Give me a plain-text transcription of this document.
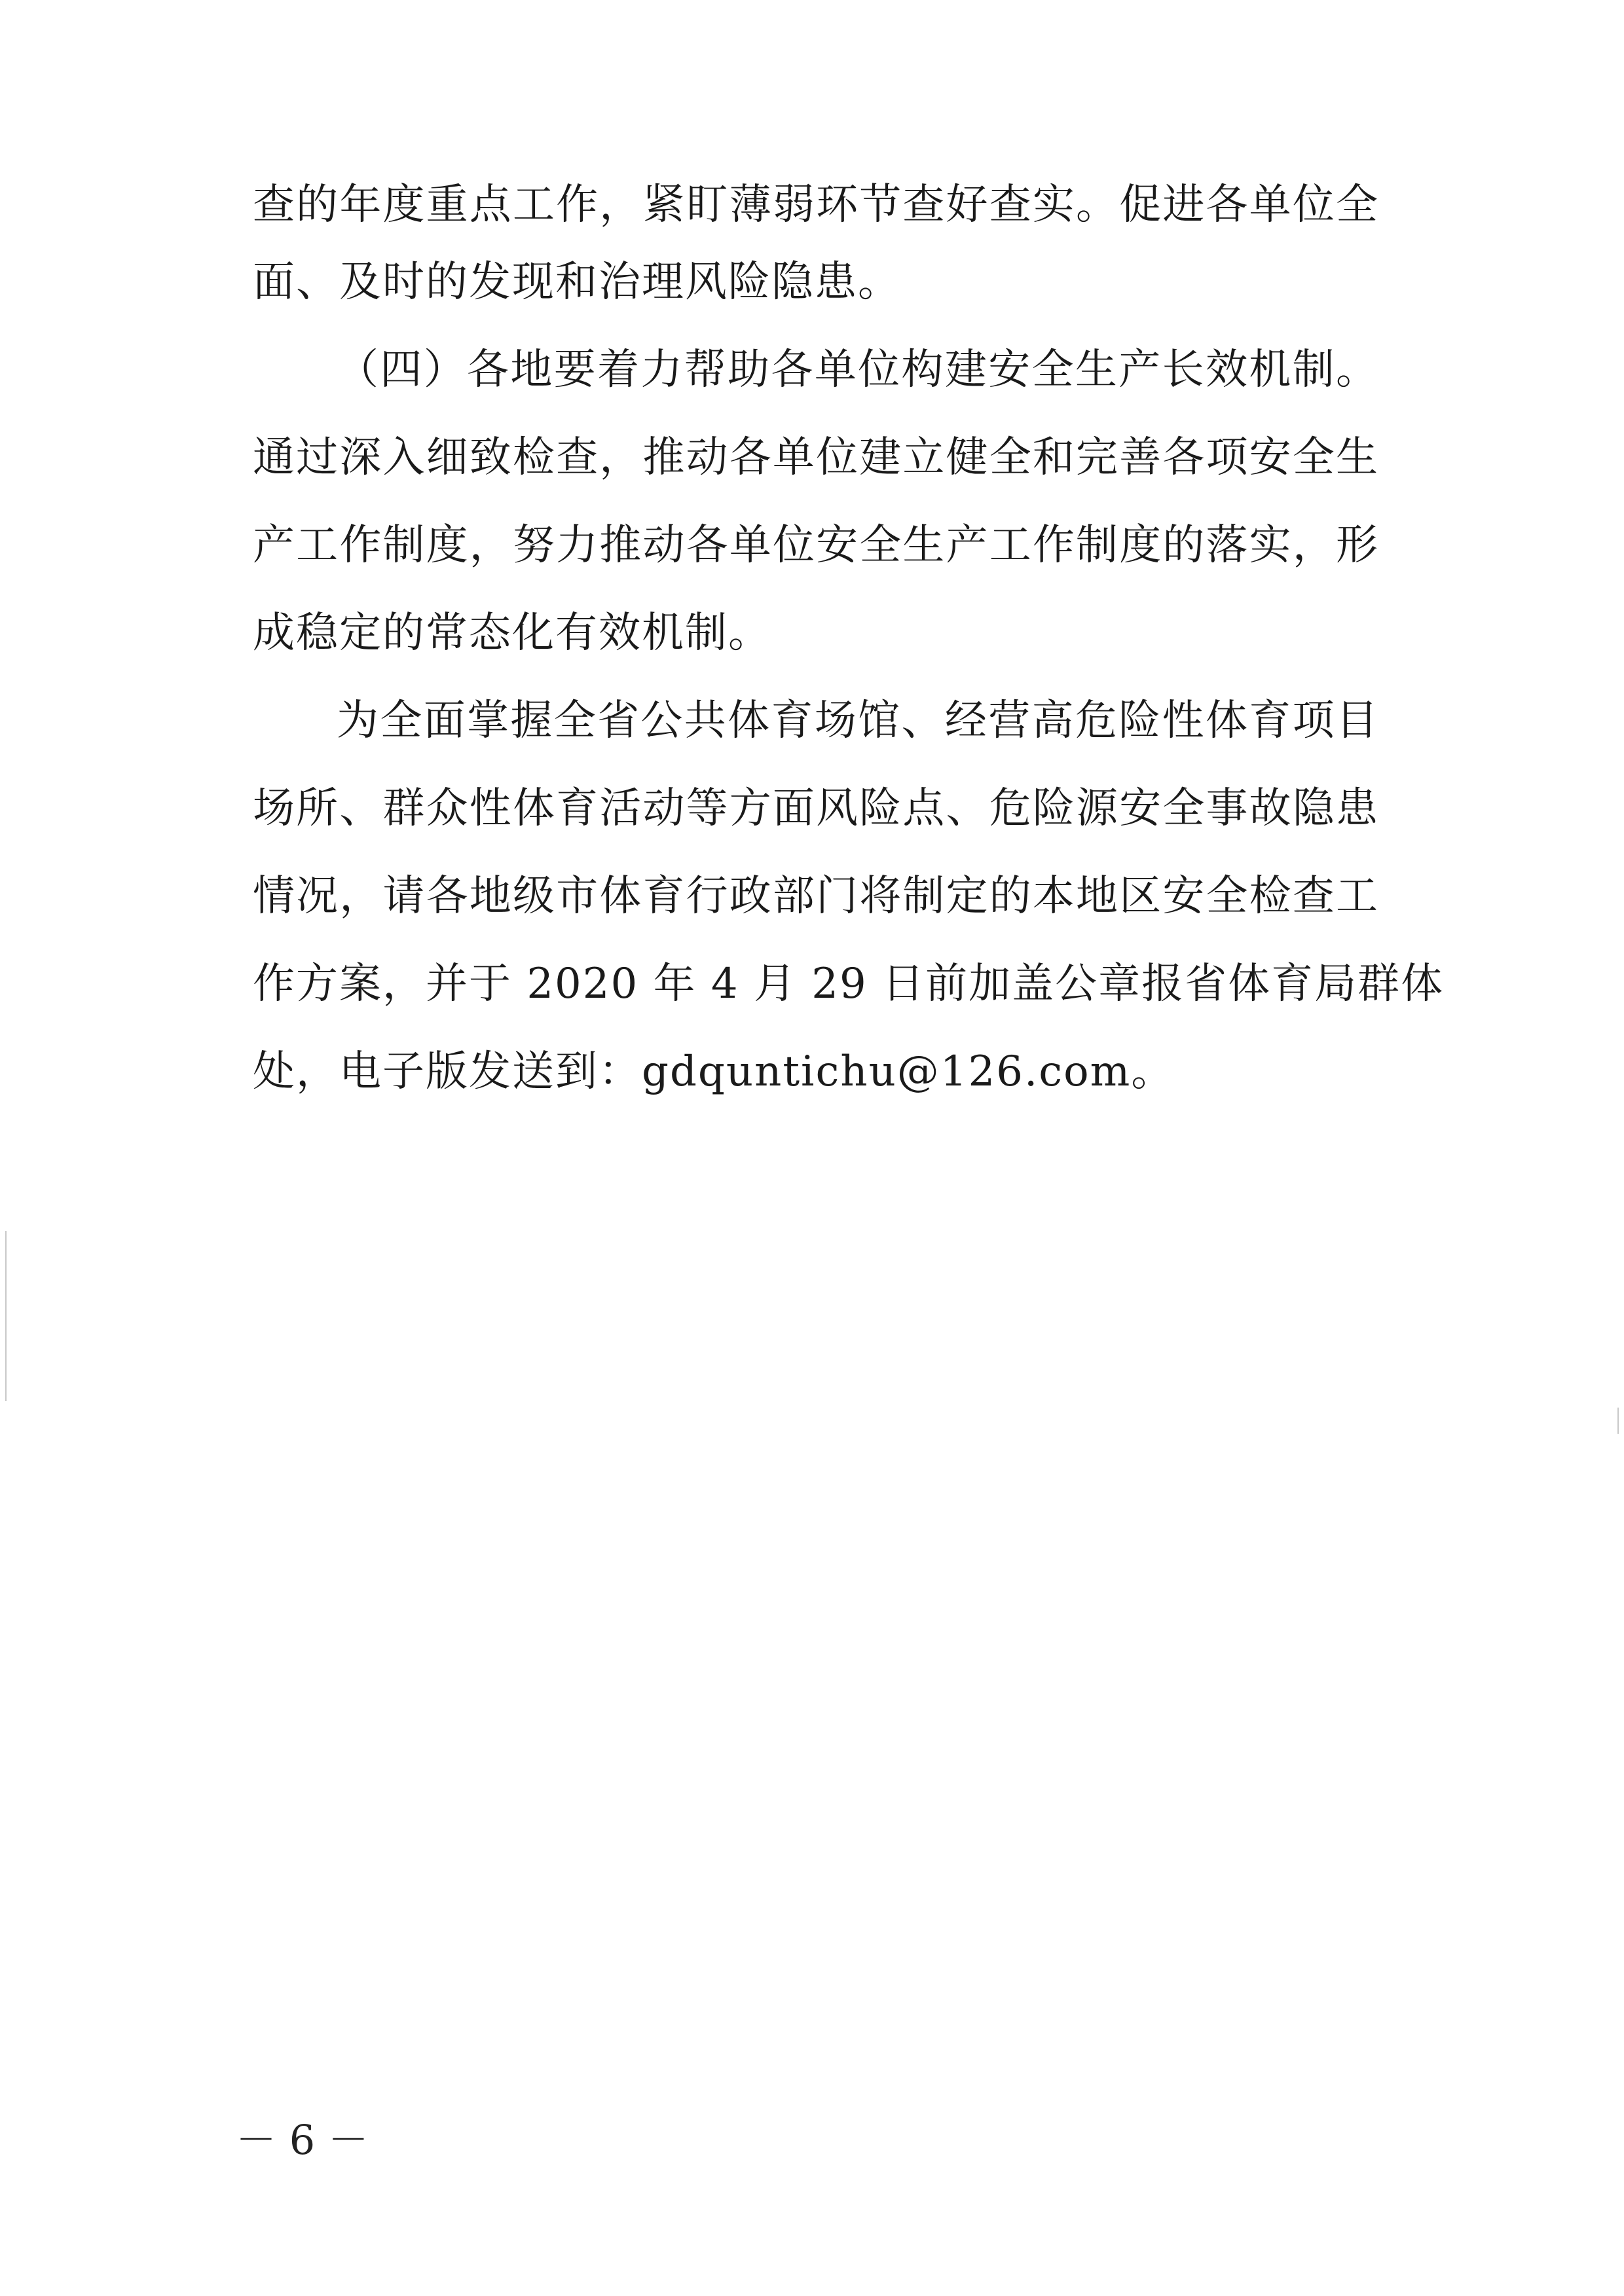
查的年度重点工作，紧盯薄弱环节查好查实。促进各单位全
面、及时的发现和治理风险隐患。
（四）各地要着力帮助各单位构建安全生产长效机制。
通过深入细致检查，推动各单位建立健全和完善各项安全生
产工作制度，努力推动各单位安全生产工作制度的落实，形
成稳定的常态化有效机制。
为全面掌握全省公共体育场馆、经营高危险性体育项目
场所、群众性体育活动等方面风险点、危险源安全事故隐患
情况，请各地级市体育行政部门将制定的本地区安全检查工
作方案，并于 2020 年 4 月 29 日前加盖公章报省体育局群体
处，电子版发送到：gdquntichu@126.com。
－ 6 －
